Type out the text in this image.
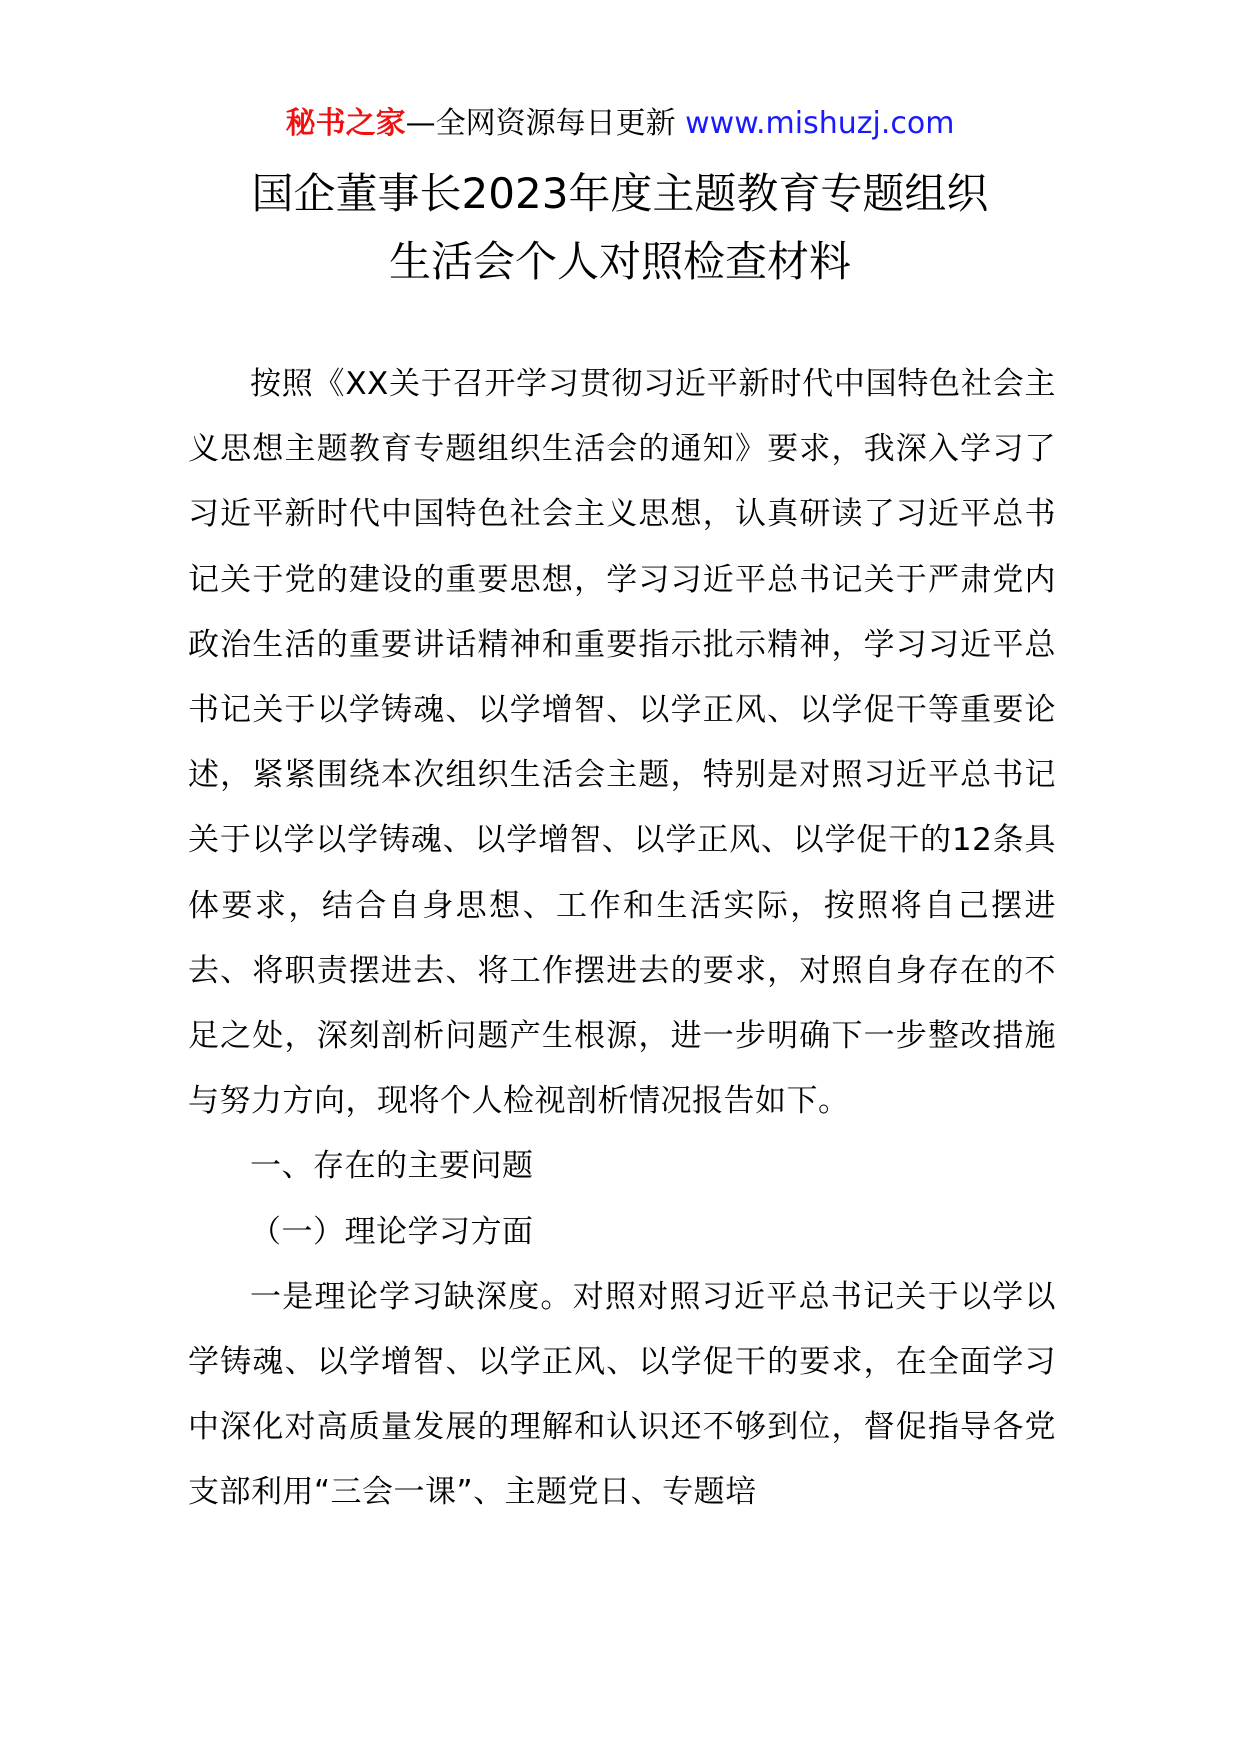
秘书之家—全网资源每日更新 www.mishuzj.com
国企董事长2023年度主题教育专题组织
生活会个人对照检查材料

按照《XX关于召开学习贯彻习近平新时代中国特色社会主义思想主题教育专题组织生活会的通知》要求，我深入学习了习近平新时代中国特色社会主义思想，认真研读了习近平总书记关于党的建设的重要思想，学习习近平总书记关于严肃党内政治生活的重要讲话精神和重要指示批示精神，学习习近平总书记关于以学铸魂、以学增智、以学正风、以学促干等重要论述，紧紧围绕本次组织生活会主题，特别是对照习近平总书记关于以学以学铸魂、以学增智、以学正风、以学促干的12条具体要求，结合自身思想、工作和生活实际，按照将自己摆进去、将职责摆进去、将工作摆进去的要求，对照自身存在的不足之处，深刻剖析问题产生根源，进一步明确下一步整改措施与努力方向，现将个人检视剖析情况报告如下。

一、存在的主要问题

（一）理论学习方面

一是理论学习缺深度。对照对照习近平总书记关于以学以学铸魂、以学增智、以学正风、以学促干的要求，在全面学习中深化对高质量发展的理解和认识还不够到位，督促指导各党支部利用“三会一课”、主题党日、专题培
